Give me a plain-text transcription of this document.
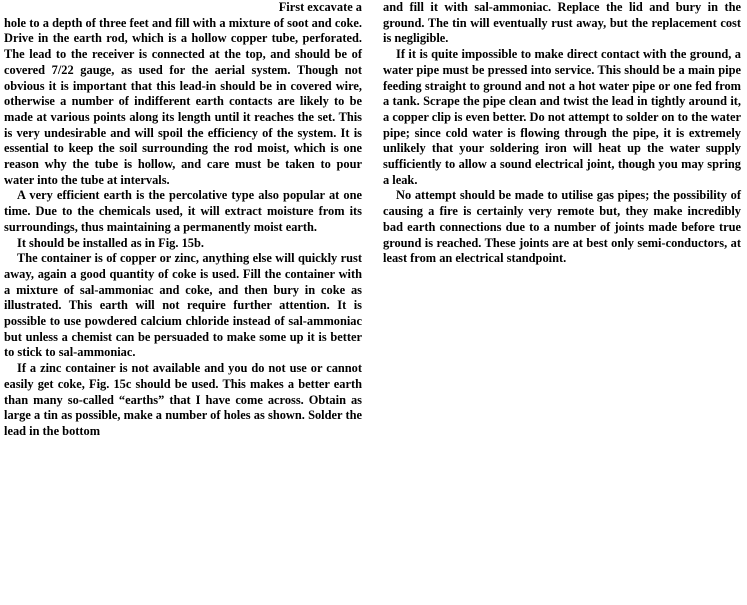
First excavate a

hole to a depth of three feet and fill with a mixture of soot and coke. Drive in the earth rod, which is a hollow copper tube, perforated. The lead to the receiver is connected at the top, and should be of covered 7/22 gauge, as used for the aerial system. Though not obvious it is important that this lead-in should be in covered wire, otherwise a number of indifferent earth contacts are likely to be made at various points along its length until it reaches the set. This is very undesirable and will spoil the efficiency of the system. It is essential to keep the soil surrounding the rod moist, which is one reason why the tube is hollow, and care must be taken to pour water into the tube at intervals.

A very efficient earth is the percolative type also popular at one time. Due to the chemicals used, it will extract moisture from its surroundings, thus maintaining a permanently moist earth.

It should be installed as in Fig. 15b.

The container is of copper or zinc, anything else will quickly rust away, again a good quantity of coke is used. Fill the container with a mixture of sal-ammoniac and coke, and then bury in coke as illustrated. This earth will not require further attention. It is possible to use powdered calcium chloride instead of sal-ammoniac but unless a chemist can be persuaded to make some up it is better to stick to sal-ammoniac.

If a zinc container is not available and you do not use or cannot easily get coke, Fig. 15c should be used. This makes a better earth than many so-called “earths” that I have come across. Obtain as large a tin as possible, make a number of holes as shown. Solder the lead in the bottom

and fill it with sal-ammoniac. Replace the lid and bury in the ground. The tin will eventually rust away, but the replacement cost is negligible.

If it is quite impossible to make direct contact with the ground, a water pipe must be pressed into service. This should be a main pipe feeding straight to ground and not a hot water pipe or one fed from a tank. Scrape the pipe clean and twist the lead in tightly around it, a copper clip is even better. Do not attempt to solder on to the water pipe; since cold water is flowing through the pipe, it is extremely unlikely that your soldering iron will heat up the water supply sufficiently to allow a sound electrical joint, though you may spring a leak.

No attempt should be made to utilise gas pipes; the possibility of causing a fire is certainly very remote but, they make incredibly bad earth connections due to a number of joints made before true ground is reached. These joints are at best only semi-conductors, at least from an electrical standpoint.
